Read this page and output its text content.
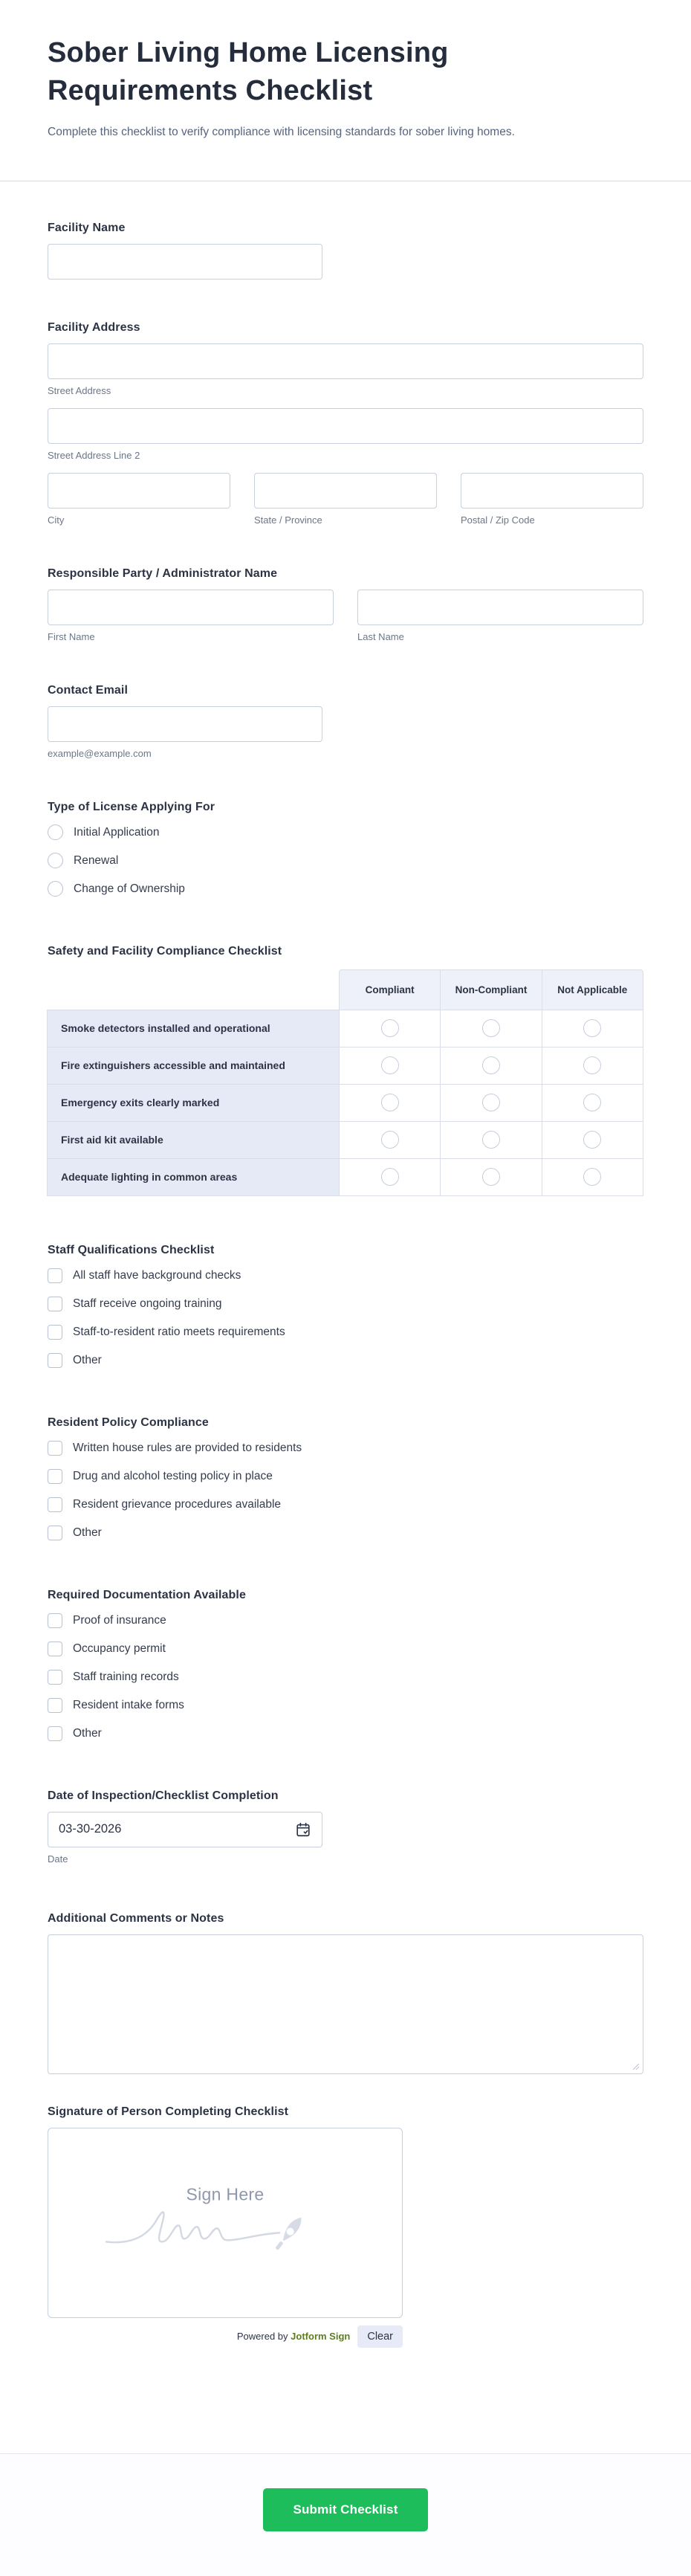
Sober Living Home Licensing Requirements Checklist
Complete this checklist to verify compliance with licensing standards for sober living homes.
Facility Name
Facility Address
Street Address
Street Address Line 2
City	State / Province	Postal / Zip Code
Responsible Party / Administrator Name
First Name	Last Name
Contact Email
example@example.com
Type of License Applying For
Initial Application
Renewal
Change of Ownership
Safety and Facility Compliance Checklist
Compliant	Non-Compliant	Not Applicable
Smoke detectors installed and operational
Fire extinguishers accessible and maintained
Emergency exits clearly marked
First aid kit available
Adequate lighting in common areas
Staff Qualifications Checklist
All staff have background checks
Staff receive ongoing training
Staff-to-resident ratio meets requirements
Other
Resident Policy Compliance
Written house rules are provided to residents
Drug and alcohol testing policy in place
Resident grievance procedures available
Other
Required Documentation Available
Proof of insurance
Occupancy permit
Staff training records
Resident intake forms
Other
Date of Inspection/Checklist Completion
03-30-2026
Date
Additional Comments or Notes
Signature of Person Completing Checklist
Sign Here
Powered by Jotform Sign	Clear
Submit Checklist
